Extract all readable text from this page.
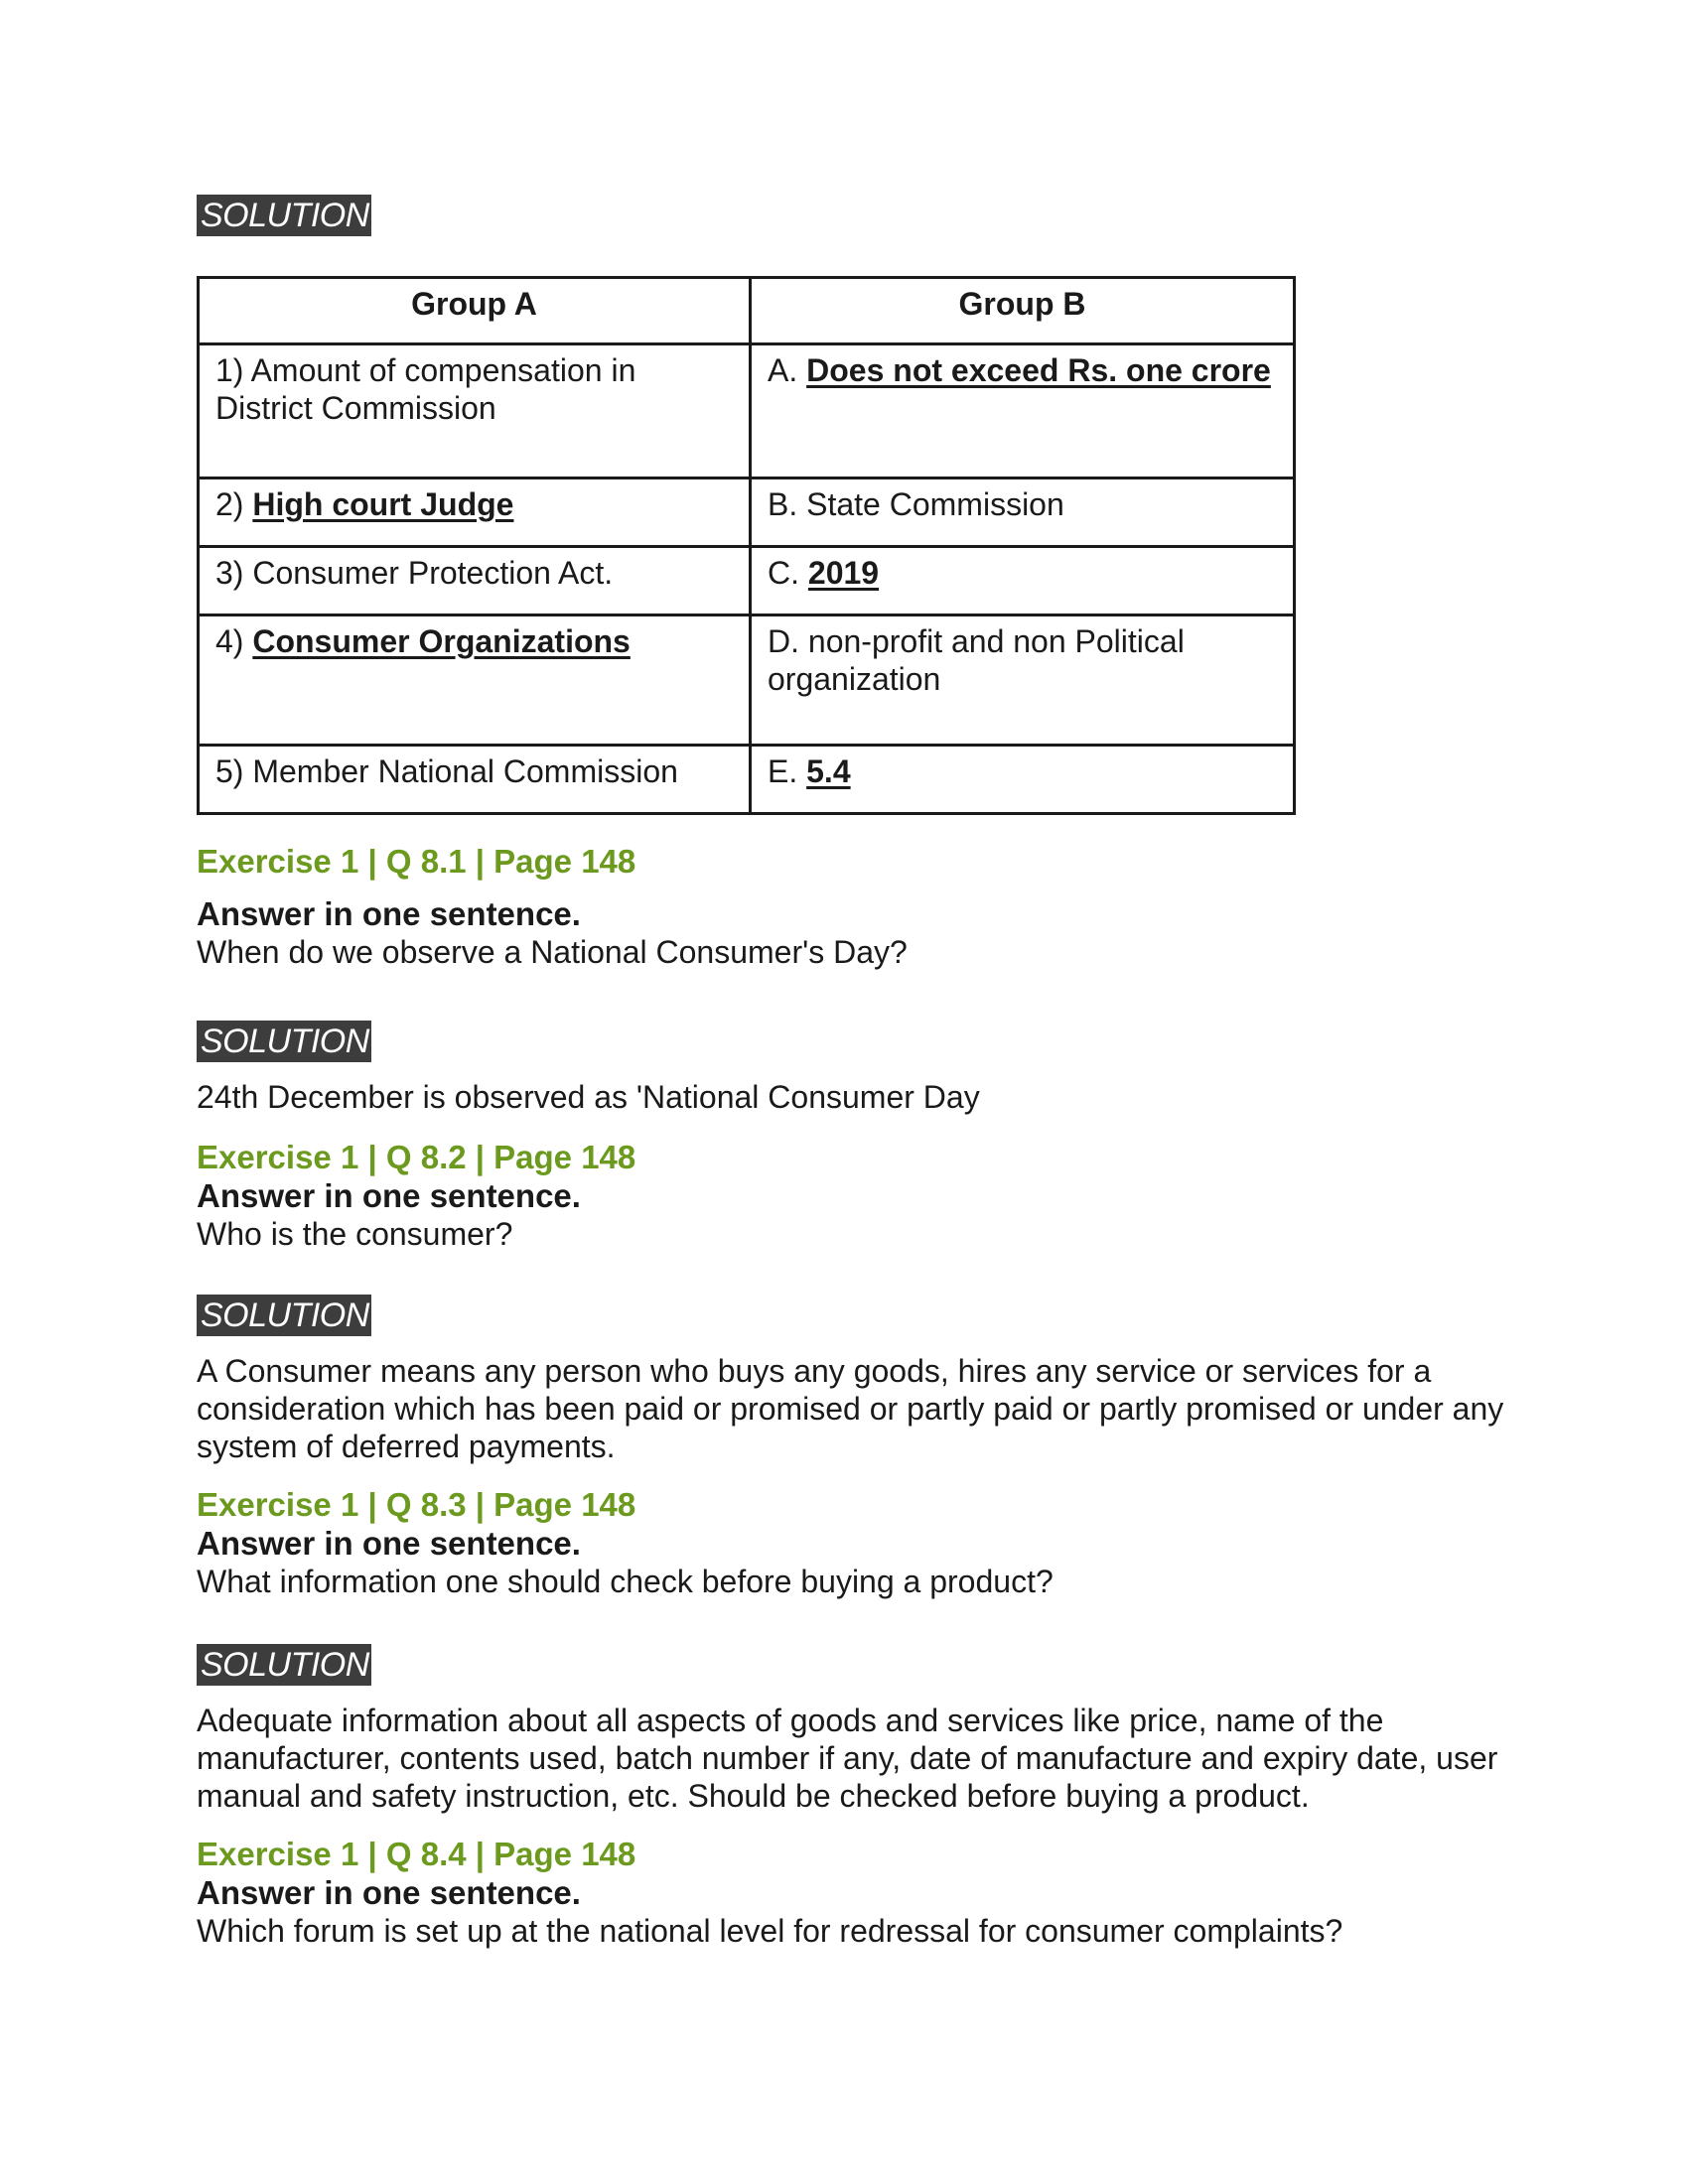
SOLUTION
Group A	Group B
1) Amount of compensation in District Commission	A. Does not exceed Rs. one crore
2) High court Judge	B. State Commission
3) Consumer Protection Act.	C. 2019
4) Consumer Organizations	D. non-profit and non Political organization
5) Member National Commission	E. 5.4
Exercise 1 | Q 8.1 | Page 148
Answer in one sentence.
When do we observe a National Consumer's Day?
SOLUTION
24th December is observed as 'National Consumer Day
Exercise 1 | Q 8.2 | Page 148
Answer in one sentence.
Who is the consumer?
SOLUTION
A Consumer means any person who buys any goods, hires any service or services for a consideration which has been paid or promised or partly paid or partly promised or under any system of deferred payments.
Exercise 1 | Q 8.3 | Page 148
Answer in one sentence.
What information one should check before buying a product?
SOLUTION
Adequate information about all aspects of goods and services like price, name of the manufacturer, contents used, batch number if any, date of manufacture and expiry date, user manual and safety instruction, etc. Should be checked before buying a product.
Exercise 1 | Q 8.4 | Page 148
Answer in one sentence.
Which forum is set up at the national level for redressal for consumer complaints?
